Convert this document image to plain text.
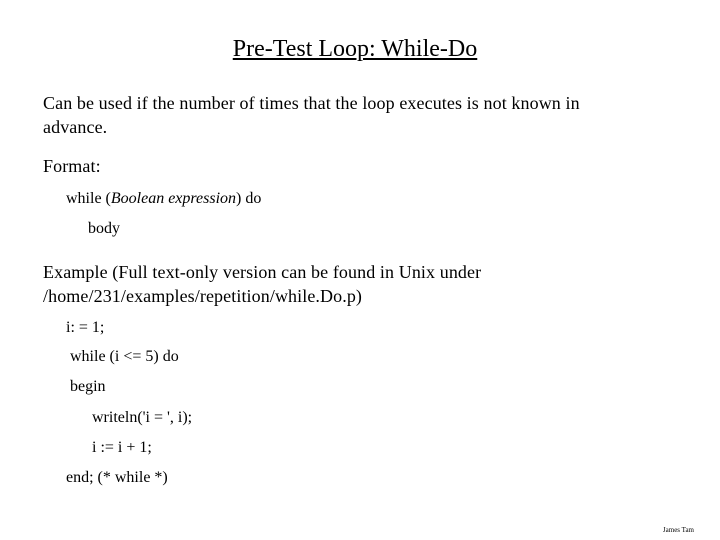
Pre-Test Loop: While-Do
Can be used if the number of times that the loop executes is not known in
advance.
Format:
while (Boolean expression) do
body
Example (Full text-only version can be found in Unix under
/home/231/examples/repetition/while.Do.p)
i: = 1;
while (i <= 5) do
begin
writeln('i = ', i);
i := i + 1;
end; (* while *)
James Tam
